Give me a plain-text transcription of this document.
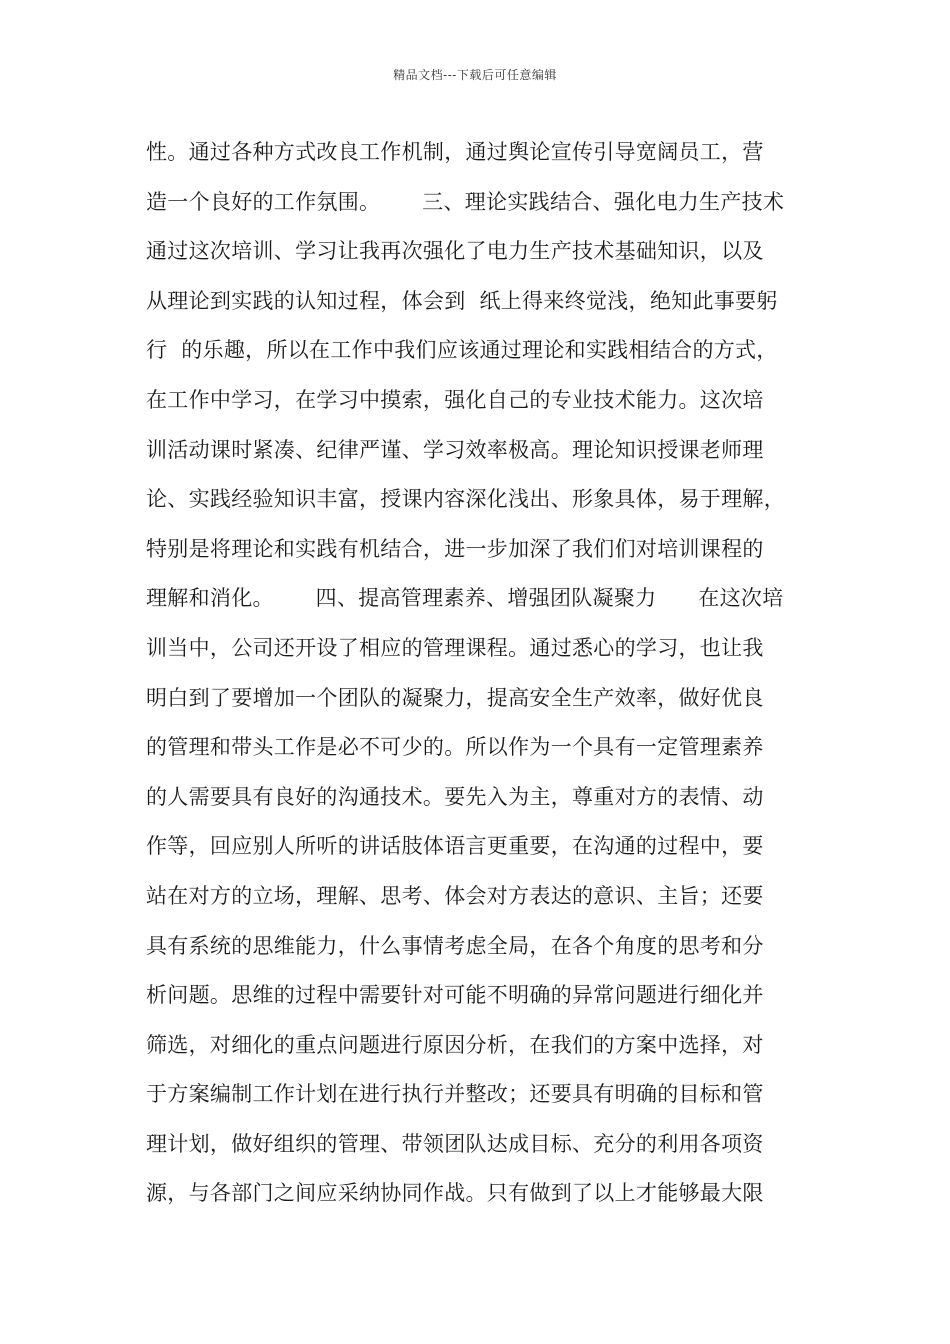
精品文档---下载后可任意编辑
性。通过各种方式改良工作机制，通过舆论宣传引导宽阔员工，营
造一个良好的工作氛围。      三、理论实践结合、强化电力生产技术
通过这次培训、学习让我再次强化了电力生产技术基础知识，以及
从理论到实践的认知过程，体会到  纸上得来终觉浅，绝知此事要躬
行  的乐趣，所以在工作中我们应该通过理论和实践相结合的方式，
在工作中学习，在学习中摸索，强化自己的专业技术能力。这次培
训活动课时紧凑、纪律严谨、学习效率极高。理论知识授课老师理
论、实践经验知识丰富，授课内容深化浅出、形象具体，易于理解，
特别是将理论和实践有机结合，进一步加深了我们们对培训课程的
理解和消化。      四、提高管理素养、增强团队凝聚力      在这次培
训当中，公司还开设了相应的管理课程。通过悉心的学习，也让我
明白到了要增加一个团队的凝聚力，提高安全生产效率，做好优良
的管理和带头工作是必不可少的。所以作为一个具有一定管理素养
的人需要具有良好的沟通技术。要先入为主，尊重对方的表情、动
作等，回应别人所听的讲话肢体语言更重要，在沟通的过程中，要
站在对方的立场，理解、思考、体会对方表达的意识、主旨；还要
具有系统的思维能力，什么事情考虑全局，在各个角度的思考和分
析问题。思维的过程中需要针对可能不明确的异常问题进行细化并
筛选，对细化的重点问题进行原因分析，在我们的方案中选择，对
于方案编制工作计划在进行执行并整改；还要具有明确的目标和管
理计划，做好组织的管理、带领团队达成目标、充分的利用各项资
源，与各部门之间应采纳协同作战。只有做到了以上才能够最大限
